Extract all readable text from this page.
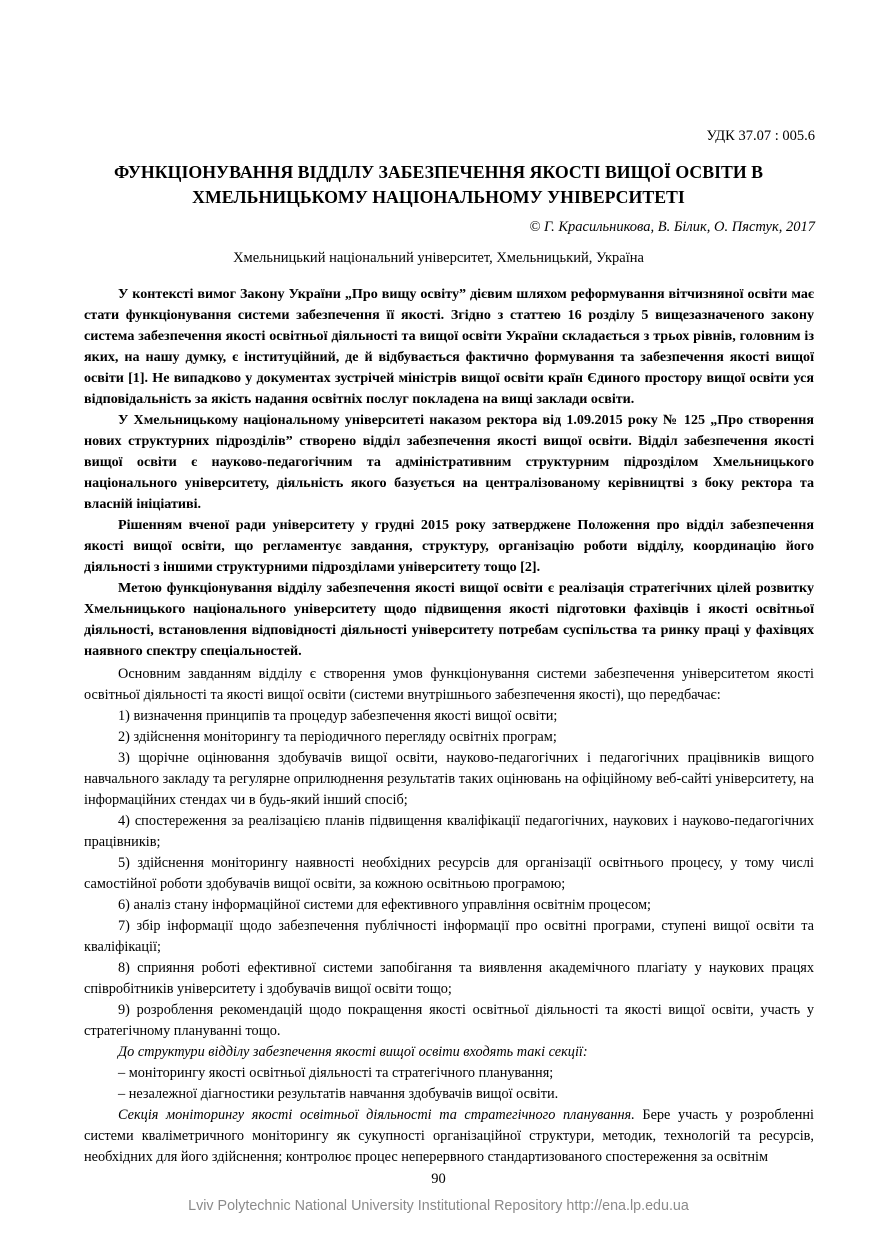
УДК 37.07 : 005.6

ФУНКЦІОНУВАННЯ ВІДДІЛУ ЗАБЕЗПЕЧЕННЯ ЯКОСТІ ВИЩОЇ ОСВІТИ В ХМЕЛЬНИЦЬКОМУ НАЦІОНАЛЬНОМУ УНІВЕРСИТЕТІ

© Г. Красильникова, В. Білик, О. Пястук, 2017

Хмельницький національний університет, Хмельницький, Україна

У контексті вимог Закону України „Про вищу освіту” дієвим шляхом реформування вітчизняної освіти має стати функціонування системи забезпечення її якості. Згідно з статтею 16 розділу 5 вищезазначеного закону система забезпечення якості освітньої діяльності та вищої освіти України складається з трьох рівнів, головним із яких, на нашу думку, є інституційний, де й відбувається фактично формування та забезпечення якості вищої освіти [1]. Не випадково у документах зустрічей міністрів вищої освіти країн Єдиного простору вищої освіти уся відповідальність за якість надання освітніх послуг покладена на вищі заклади освіти.

У Хмельницькому національному університеті наказом ректора від 1.09.2015 року № 125 „Про створення нових структурних підрозділів” створено відділ забезпечення якості вищої освіти. Відділ забезпечення якості вищої освіти є науково-педагогічним та адміністративним структурним підрозділом Хмельницького національного університету, діяльність якого базується на централізованому керівництві з боку ректора та власній ініціативі.

Рішенням вченої ради університету у грудні 2015 року затверджене Положення про відділ забезпечення якості вищої освіти, що регламентує завдання, структуру, організацію роботи відділу, координацію його діяльності з іншими структурними підрозділами університету тощо [2].

Метою функціонування відділу забезпечення якості вищої освіти є реалізація стратегічних цілей розвитку Хмельницького національного університету щодо підвищення якості підготовки фахівців і якості освітньої діяльності, встановлення відповідності діяльності університету потребам суспільства та ринку праці у фахівцях наявного спектру спеціальностей.

Основним завданням відділу є створення умов функціонування системи забезпечення університетом якості освітньої діяльності та якості вищої освіти (системи внутрішнього забезпечення якості), що передбачає:

1) визначення принципів та процедур забезпечення якості вищої освіти;

2) здійснення моніторингу та періодичного перегляду освітніх програм;

3) щорічне оцінювання здобувачів вищої освіти, науково-педагогічних і педагогічних працівників вищого навчального закладу та регулярне оприлюднення результатів таких оцінювань на офіційному веб-сайті університету, на інформаційних стендах чи в будь-який інший спосіб;

4) спостереження за реалізацією планів підвищення кваліфікації педагогічних, наукових і науково-педагогічних працівників;

5) здійснення моніторингу наявності необхідних ресурсів для організації освітнього процесу, у тому числі самостійної роботи здобувачів вищої освіти, за кожною освітньою програмою;

6) аналіз стану інформаційної системи для ефективного управління освітнім процесом;

7) збір інформації щодо забезпечення публічності інформації про освітні програми, ступені вищої освіти та кваліфікації;

8) сприяння роботі ефективної системи запобігання та виявлення академічного плагіату у наукових працях співробітників університету і здобувачів вищої освіти тощо;

9) розроблення рекомендацій щодо покращення якості освітньої діяльності та якості вищої освіти, участь у стратегічному плануванні тощо.

До структури відділу забезпечення якості вищої освіти входять такі секції:

– моніторингу якості освітньої діяльності та стратегічного планування;

– незалежної діагностики результатів навчання здобувачів вищої освіти.

Секція моніторингу якості освітньої діяльності та стратегічного планування. Бере участь у розробленні системи кваліметричного моніторингу як сукупності організаційної структури, методик, технологій та ресурсів, необхідних для його здійснення; контролює процес неперервного стандартизованого спостереження за освітнім

90

Lviv Polytechnic National University Institutional Repository http://ena.lp.edu.ua
